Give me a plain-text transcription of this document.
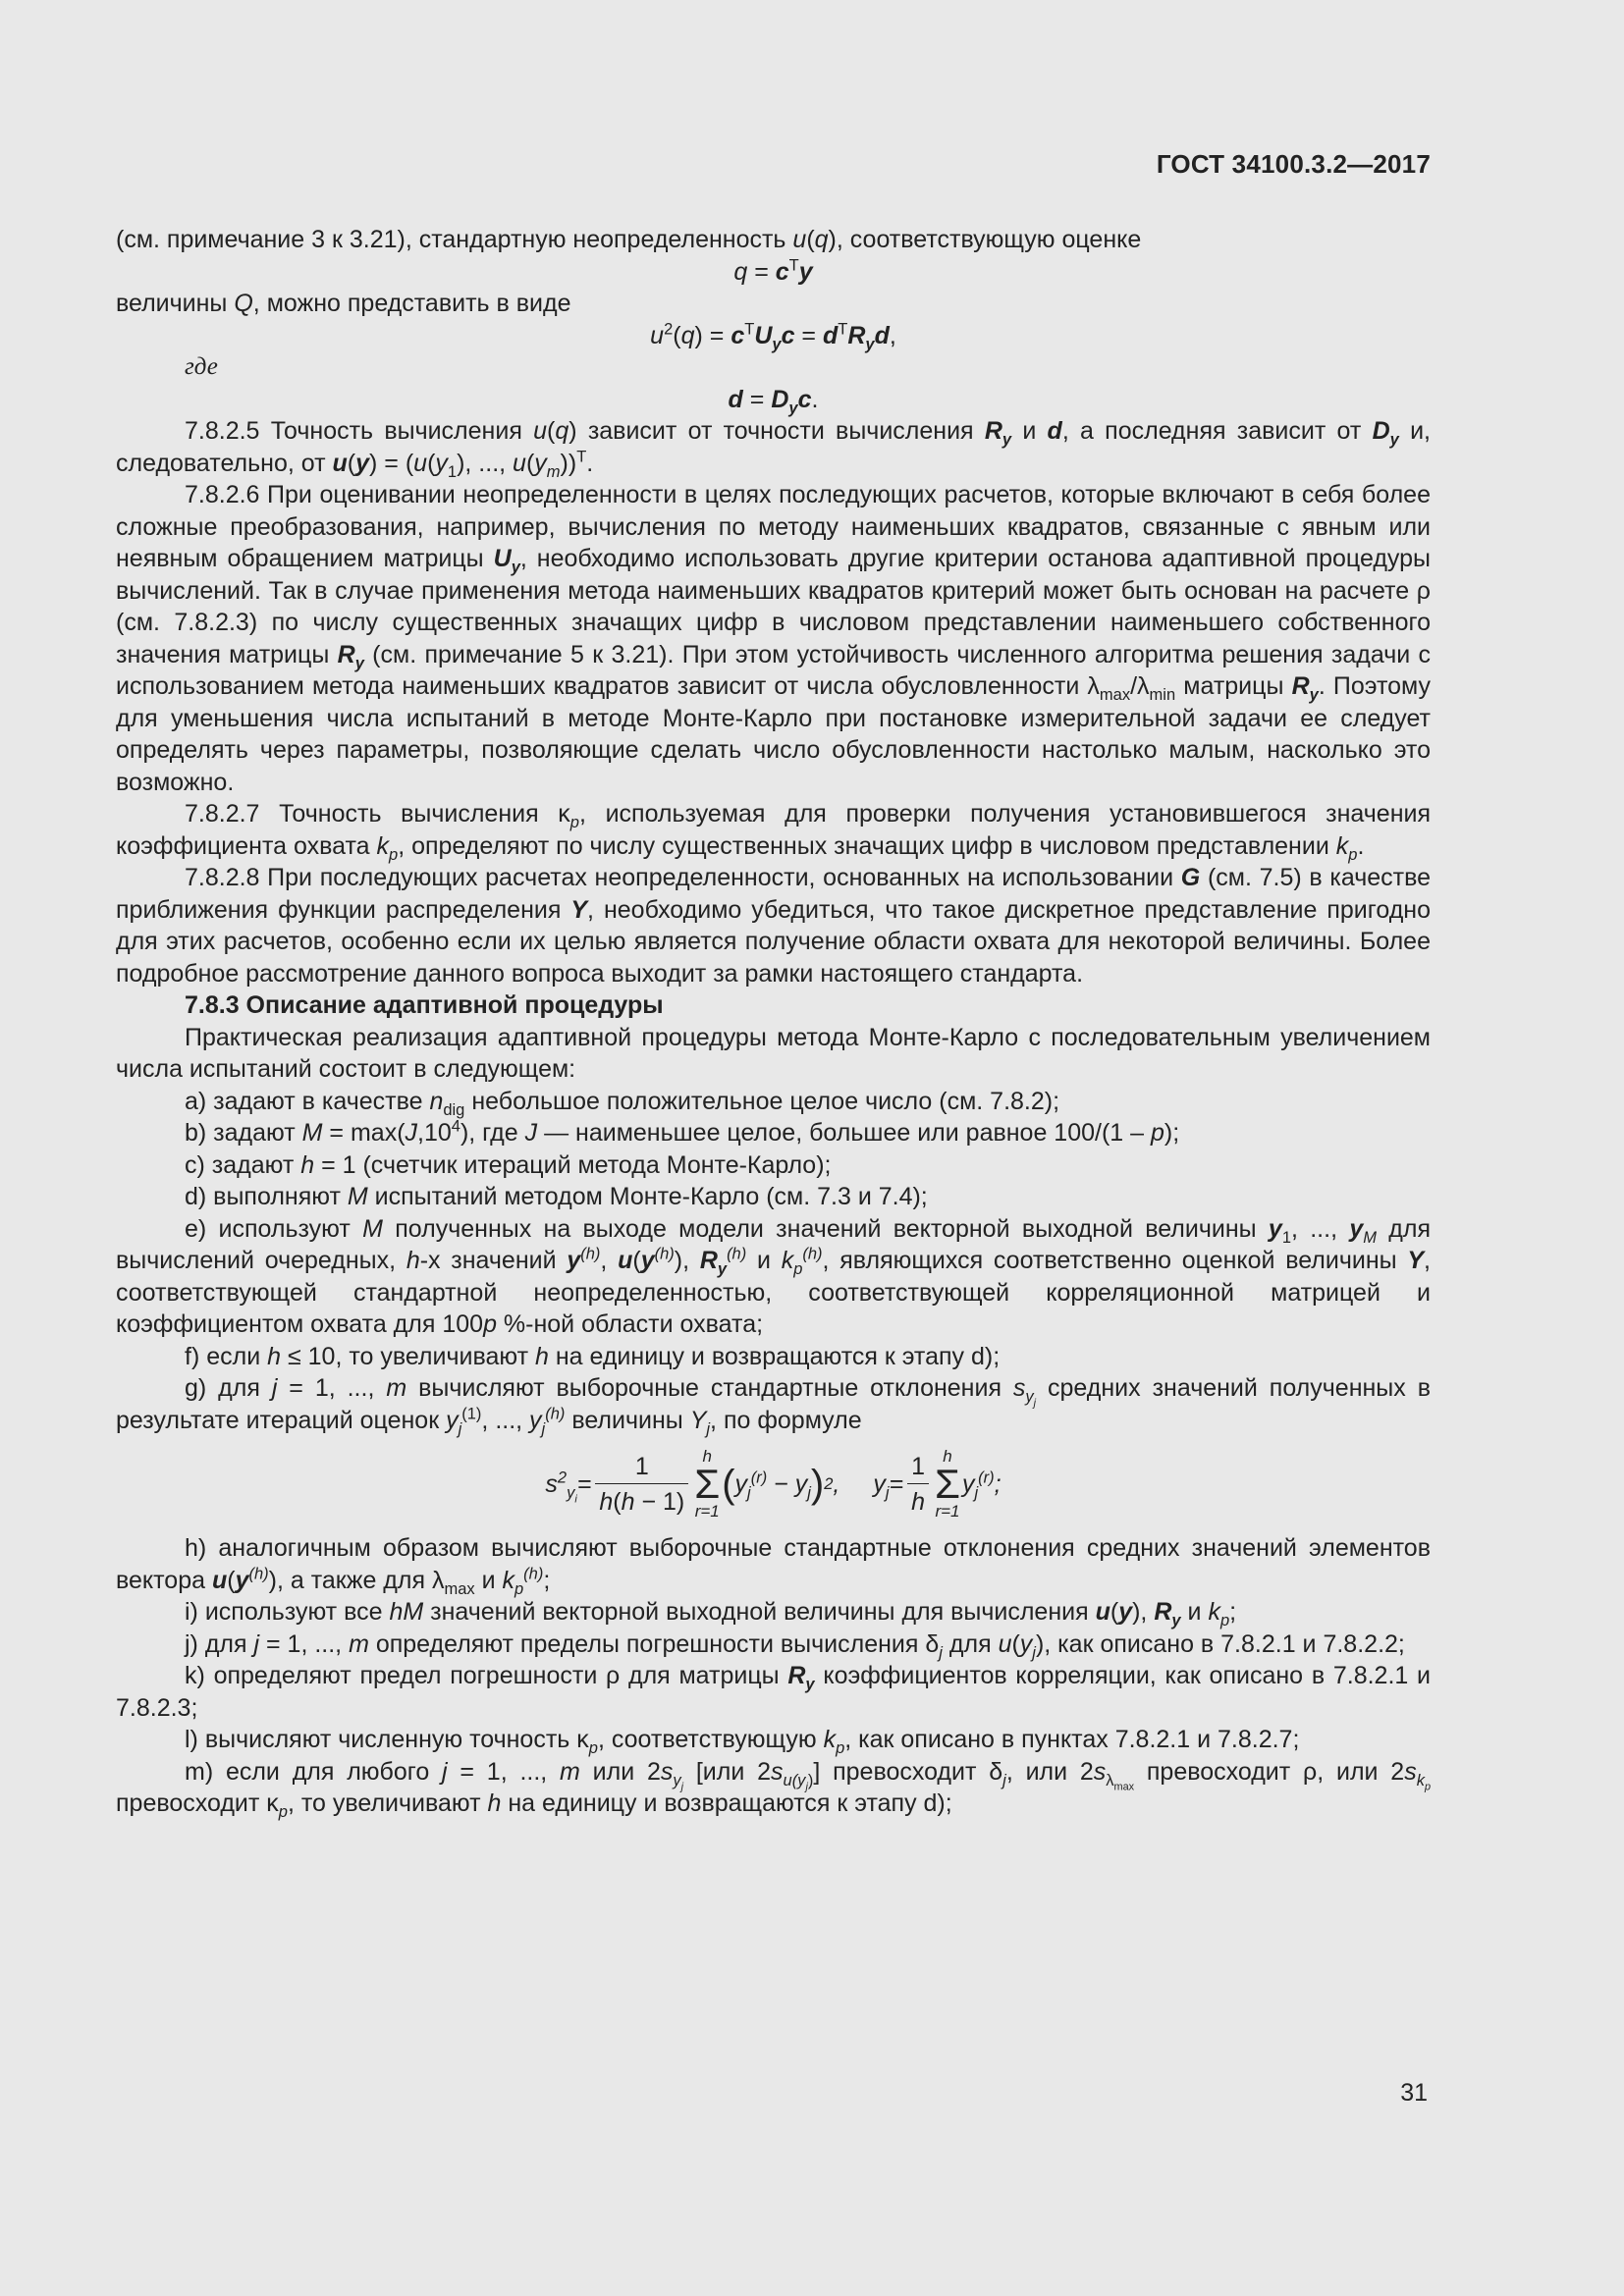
ГОСТ 34100.3.2—2017

(см. примечание 3 к 3.21), стандартную неопределенность u(q), соответствующую оценке

$q = c^Ty$

величины Q, можно представить в виде

$u^2(q) = c^TU_yc = d^TR_yd$,

где

$d = D_yc$.

7.8.2.5 Точность вычисления u(q) зависит от точности вычисления $R_y$ и d, а последняя зависит от $D_y$ и, следовательно, от $u(y) = (u(y_1)$, ..., $u(y_m))^T$.

7.8.2.6 При оценивании неопределенности в целях последующих расчетов, которые включают в себя более сложные преобразования, например, вычисления по методу наименьших квадратов, связанные с явным или неявным обращением матрицы $U_y$, необходимо использовать другие критерии останова адаптивной процедуры вычислений. Так в случае применения метода наименьших квадратов критерий может быть основан на расчете ρ (см. 7.8.2.3) по числу существенных значащих цифр в числовом представлении наименьшего собственного значения матрицы $R_y$ (см. примечание 5 к 3.21). При этом устойчивость численного алгоритма решения задачи с использованием метода наименьших квадратов зависит от числа обусловленности $\lambda_{max}/\lambda_{min}$ матрицы $R_y$. Поэтому для уменьшения числа испытаний в методе Монте-Карло при постановке измерительной задачи ее следует определять через параметры, позволяющие сделать число обусловленности настолько малым, насколько это возможно.

7.8.2.7 Точность вычисления $\kappa_p$, используемая для проверки получения установившегося значения коэффициента охвата $k_p$, определяют по числу существенных значащих цифр в числовом представлении $k_p$.

7.8.2.8 При последующих расчетах неопределенности, основанных на использовании G (см. 7.5) в качестве приближения функции распределения Y, необходимо убедиться, что такое дискретное представление пригодно для этих расчетов, особенно если их целью является получение области охвата для некоторой величины. Более подробное рассмотрение данного вопроса выходит за рамки настоящего стандарта.

7.8.3 Описание адаптивной процедуры

Практическая реализация адаптивной процедуры метода Монте-Карло с последовательным увеличением числа испытаний состоит в следующем:

a) задают в качестве $n_{dig}$ небольшое положительное целое число (см. 7.8.2);

b) задают $M = \max(J,10^4)$, где J — наименьшее целое, большее или равное 100/(1 – p);

c) задают h = 1 (счетчик итераций метода Монте-Карло);

d) выполняют M испытаний методом Монте-Карло (см. 7.3 и 7.4);

e) используют M полученных на выходе модели значений векторной выходной величины $y_1$, ..., $y_M$ для вычислений очередных, h-х значений $y^{(h)}$, $u(y^{(h)})$, $R_y^{(h)}$ и $k_p^{(h)}$, являющихся соответственно оценкой величины Y, соответствующей стандартной неопределенностью, соответствующей корреляционной матрицей и коэффициентом охвата для 100p %-ной области охвата;

f) если h ≤ 10, то увеличивают h на единицу и возвращаются к этапу d);

g) для j = 1, ..., m вычисляют выборочные стандартные отклонения $s_{y_j}$ средних значений полученных в результате итераций оценок $y_j^{(1)}$, ..., $y_j^{(h)}$ величины $Y_j$, по формуле

$s^2_{y_i}$
= $\frac{1}{h(h - 1)}$ h
Σ
r=1
( $y_j^{(r)} - y_j$ ) 2 , $y_j = \frac{1}{h}$ h
Σ
r=1
$y_j^{(r)}$ ;

h) аналогичным образом вычисляют выборочные стандартные отклонения средних значений элементов вектора $u(y^{(h)})$, а также для $\lambda_{max}$ и $k_p^{(h)}$;

i) используют все hM значений векторной выходной величины для вычисления u(y), $R_y$ и $k_p$;

j) для j = 1, ..., m определяют пределы погрешности вычисления $\delta_j$ для $u(y_j)$, как описано в 7.8.2.1 и 7.8.2.2;

k) определяют предел погрешности ρ для матрицы $R_y$ коэффициентов корреляции, как описано в 7.8.2.1 и 7.8.2.3;

l) вычисляют численную точность $\kappa_p$, соответствующую $k_p$, как описано в пунктах 7.8.2.1 и 7.8.2.7;

m) если для любого j = 1, ..., m или $2s_{y_j}$ [или $2s_{u(y_j)}$] превосходит $\delta_j$, или $2s_{\lambda_{max}}$ превосходит ρ, или $2s_{k_p}$ превосходит $\kappa_p$, то увеличивают h на единицу и возвращаются к этапу d);

31
